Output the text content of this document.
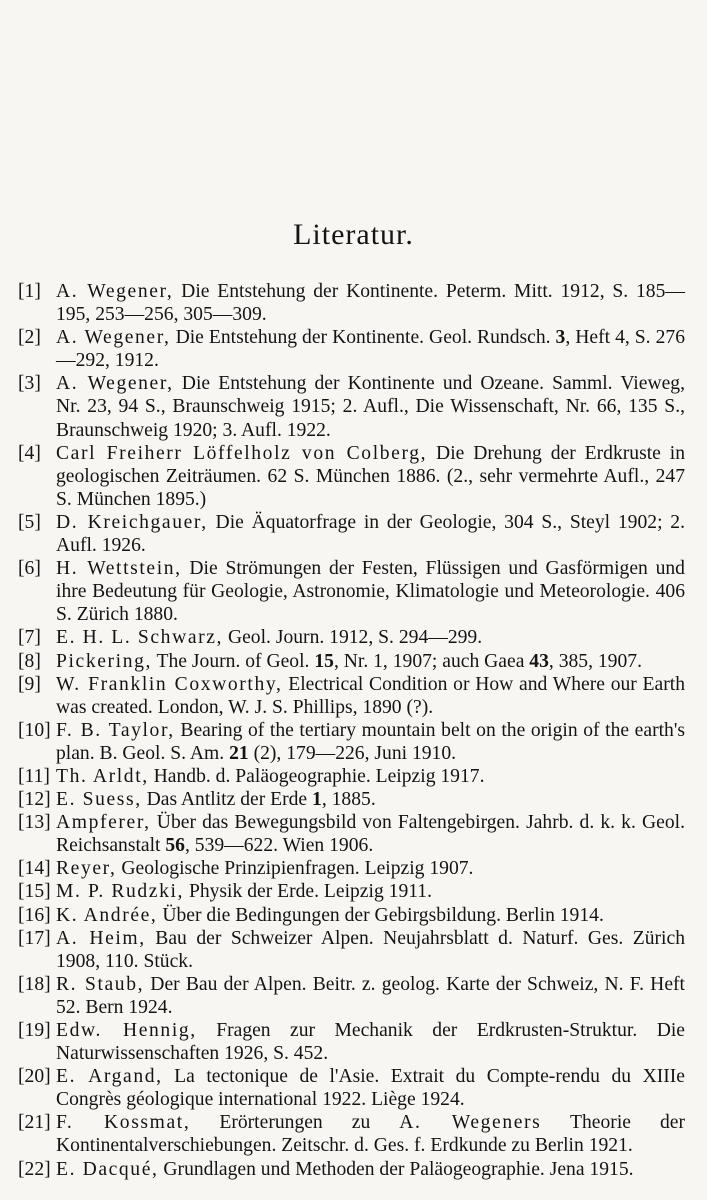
Literatur.
[1] A. Wegener, Die Entstehung der Kontinente. Peterm. Mitt. 1912, S. 185—195, 253—256, 305—309.
[2] A. Wegener, Die Entstehung der Kontinente. Geol. Rundsch. 3, Heft 4, S. 276—292, 1912.
[3] A. Wegener, Die Entstehung der Kontinente und Ozeane. Samml. Vieweg, Nr. 23, 94 S., Braunschweig 1915; 2. Aufl., Die Wissenschaft, Nr. 66, 135 S., Braunschweig 1920; 3. Aufl. 1922.
[4] Carl Freiherr Löffelholz von Colberg, Die Drehung der Erdkruste in geologischen Zeiträumen. 62 S. München 1886. (2., sehr vermehrte Aufl., 247 S. München 1895.)
[5] D. Kreichgauer, Die Äquatorfrage in der Geologie, 304 S., Steyl 1902; 2. Aufl. 1926.
[6] H. Wettstein, Die Strömungen der Festen, Flüssigen und Gasförmigen und ihre Bedeutung für Geologie, Astronomie, Klimatologie und Meteorologie. 406 S. Zürich 1880.
[7] E. H. L. Schwarz, Geol. Journ. 1912, S. 294—299.
[8] Pickering, The Journ. of Geol. 15, Nr. 1, 1907; auch Gaea 43, 385, 1907.
[9] W. Franklin Coxworthy, Electrical Condition or How and Where our Earth was created. London, W. J. S. Phillips, 1890 (?).
[10] F. B. Taylor, Bearing of the tertiary mountain belt on the origin of the earth's plan. B. Geol. S. Am. 21 (2), 179—226, Juni 1910.
[11] Th. Arldt, Handb. d. Paläogeographie. Leipzig 1917.
[12] E. Suess, Das Antlitz der Erde 1, 1885.
[13] Ampferer, Über das Bewegungsbild von Faltengebirgen. Jahrb. d. k. k. Geol. Reichsanstalt 56, 539—622. Wien 1906.
[14] Reyer, Geologische Prinzipienfragen. Leipzig 1907.
[15] M. P. Rudzki, Physik der Erde. Leipzig 1911.
[16] K. Andrée, Über die Bedingungen der Gebirgsbildung. Berlin 1914.
[17] A. Heim, Bau der Schweizer Alpen. Neujahrsblatt d. Naturf. Ges. Zürich 1908, 110. Stück.
[18] R. Staub, Der Bau der Alpen. Beitr. z. geolog. Karte der Schweiz, N. F. Heft 52. Bern 1924.
[19] Edw. Hennig, Fragen zur Mechanik der Erdkrusten-Struktur. Die Naturwissenschaften 1926, S. 452.
[20] E. Argand, La tectonique de l'Asie. Extrait du Compte-rendu du XIIIe Congrès géologique international 1922. Liège 1924.
[21] F. Kossmat, Erörterungen zu A. Wegeners Theorie der Kontinentalverschiebungen. Zeitschr. d. Ges. f. Erdkunde zu Berlin 1921.
[22] E. Dacqué, Grundlagen und Methoden der Paläogeographie. Jena 1915.
